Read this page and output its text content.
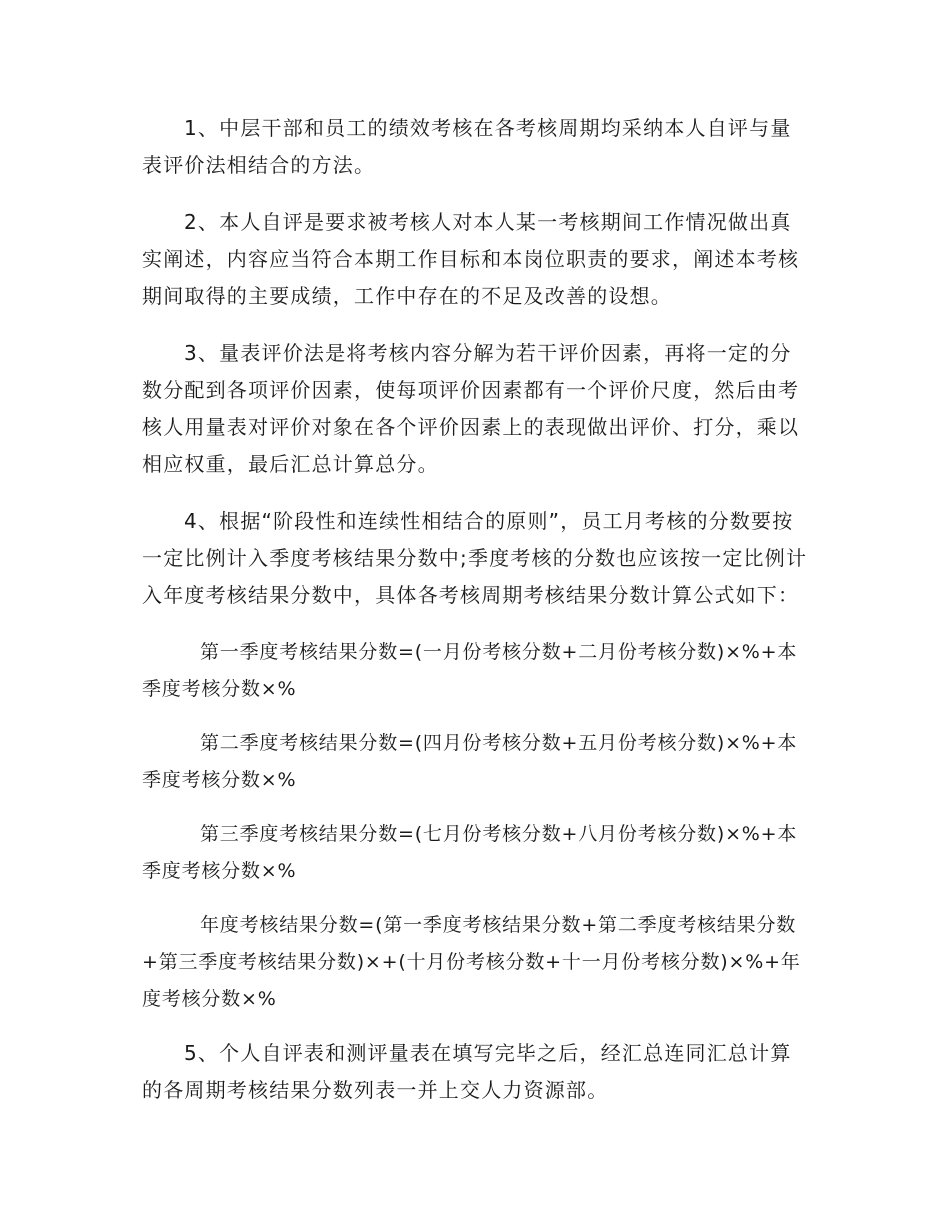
1、中层干部和员工的绩效考核在各考核周期均采纳本人自评与量表评价法相结合的方法。

2、本人自评是要求被考核人对本人某一考核期间工作情况做出真实阐述，内容应当符合本期工作目标和本岗位职责的要求，阐述本考核期间取得的主要成绩，工作中存在的不足及改善的设想。

3、量表评价法是将考核内容分解为若干评价因素，再将一定的分数分配到各项评价因素，使每项评价因素都有一个评价尺度，然后由考核人用量表对评价对象在各个评价因素上的表现做出评价、打分，乘以相应权重，最后汇总计算总分。

4、根据“阶段性和连续性相结合的原则”，员工月考核的分数要按一定比例计入季度考核结果分数中;季度考核的分数也应该按一定比例计入年度考核结果分数中，具体各考核周期考核结果分数计算公式如下：

第一季度考核结果分数=(一月份考核分数+二月份考核分数)×%+本季度考核分数×%

第二季度考核结果分数=(四月份考核分数+五月份考核分数)×%+本季度考核分数×%

第三季度考核结果分数=(七月份考核分数+八月份考核分数)×%+本季度考核分数×%

年度考核结果分数=(第一季度考核结果分数+第二季度考核结果分数+第三季度考核结果分数)×+(十月份考核分数+十一月份考核分数)×%+年度考核分数×%

5、个人自评表和测评量表在填写完毕之后，经汇总连同汇总计算的各周期考核结果分数列表一并上交人力资源部。
